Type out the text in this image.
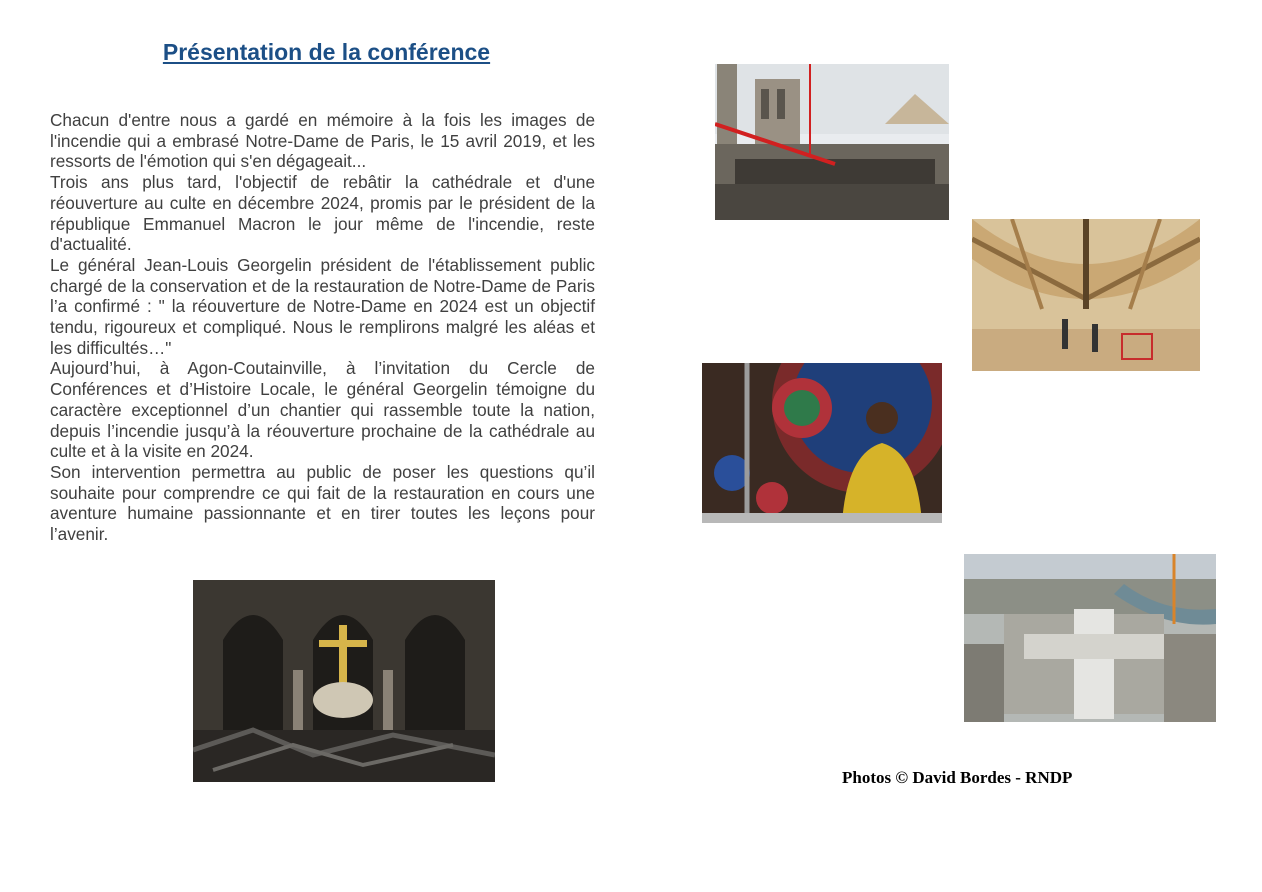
Présentation de la conférence

Chacun d'entre nous a gardé en mémoire à la fois les images de l'incendie qui a embrasé Notre-Dame de Paris, le 15 avril 2019, et les ressorts de l'émotion qui s'en dégageait...

Trois ans plus tard, l'objectif de rebâtir la cathédrale et d'une réouverture au culte en décembre 2024, promis par le président de la république Emmanuel Macron le jour même de l'incendie, reste d'actualité.

Le général Jean-Louis Georgelin président de l'établissement public chargé de la conservation et de la restauration de Notre-Dame de Paris l’a confirmé : " la réouverture de Notre-Dame en 2024 est un objectif tendu, rigoureux et compliqué. Nous le remplirons malgré les aléas et les difficultés…"

Aujourd’hui, à Agon-Coutainville, à l’invitation du Cercle de Conférences et d’Histoire Locale, le général Georgelin témoigne du caractère exceptionnel d’un chantier qui rassemble toute la nation, depuis l’incendie jusqu’à la réouverture prochaine de la cathédrale au culte et à la visite en 2024.

Son intervention permettra au public de poser les questions qu’il souhaite pour comprendre ce qui fait de la restauration en cours une aventure humaine passionnante et en tirer toutes les leçons pour l’avenir.

Photos © David Bordes - RNDP
